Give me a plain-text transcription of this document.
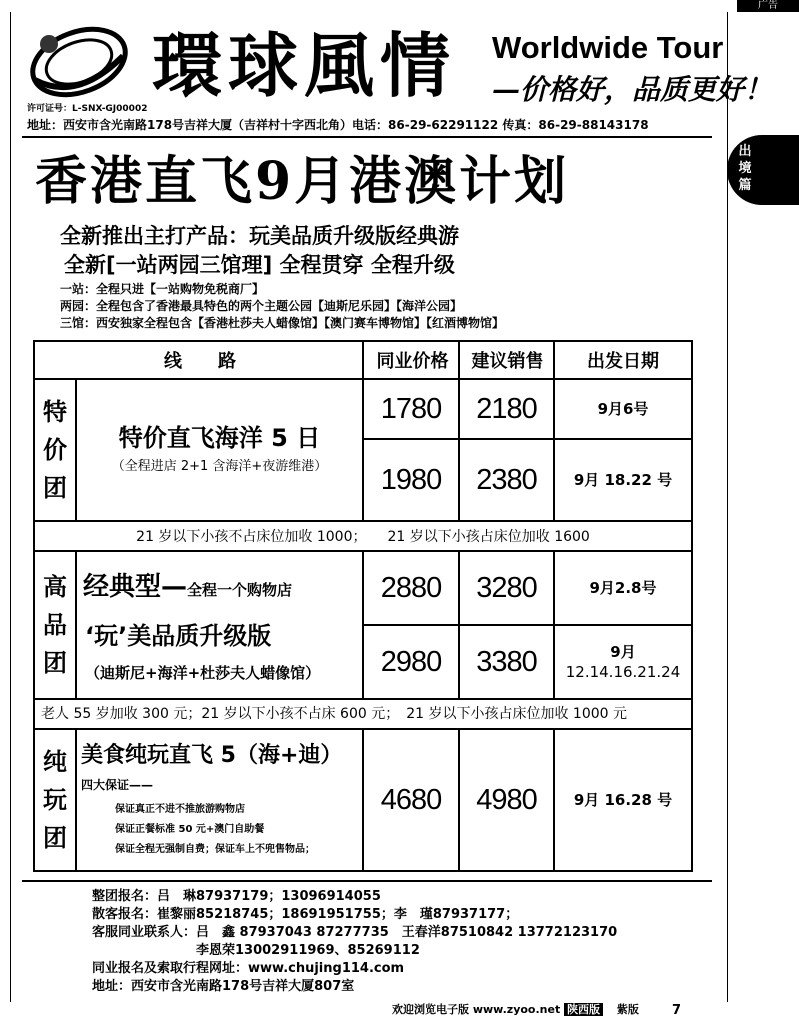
广告
出
境
篇
環球風情 Worldwide Tour
—价格好，品质更好！
许可证号：L-SNX-GJ00002
地址：西安市含光南路178号吉祥大厦（吉祥村十字西北角）电话：86-29-62291122 传真：86-29-88143178
香港直飞9月港澳计划
全新推出主打产品：玩美品质升级版经典游
全新[一站两园三馆理] 全程贯穿 全程升级
一站：全程只进【一站购物免税商厂】
两园：全程包含了香港最具特色的两个主题公园【迪斯尼乐园】【海洋公园】
三馆：西安独家全程包含【香港杜莎夫人蜡像馆】【澳门赛车博物馆】【红酒博物馆】
线　　路	同业价格	建议销售	出发日期
特
价
团
特价直飞海洋 5 日
（全程进店 2+1 含海洋+夜游维港）
1780	2180	9月6号
1980	2380	9月 18.22 号
21 岁以下小孩不占床位加收 1000；　　21 岁以下小孩占床位加收 1600
高
品
团
经典型—全程一个购物店
‘玩’美品质升级版
（迪斯尼+海洋+杜莎夫人蜡像馆）
2880	3280	9月2.8号
2980	3380	9月
12.14.16.21.24
老人 55 岁加收 300 元；21 岁以下小孩不占床 600 元；　21 岁以下小孩占床位加收 1000 元
纯
玩
团
美食纯玩直飞 5（海+迪）
四大保证——
保证真正不进不推旅游购物店
保证正餐标准 50 元+澳门自助餐
保证全程无强制自费；保证车上不兜售物品；
4680	4980	9月 16.28 号
整团报名：吕　琳87937179；13096914055
散客报名：崔黎丽85218745；18691951755；李　瑾87937177；
客服同业联系人：吕　鑫 87937043 87277735　王春洋87510842 13772123170
　　　　　　　　李恩荣13002911969、85269112
同业报名及索取行程网址：www.chujing114.com
地址：西安市含光南路178号吉祥大厦807室
欢迎浏览电子版 www.zyoo.net 陕西版 紫版	7
